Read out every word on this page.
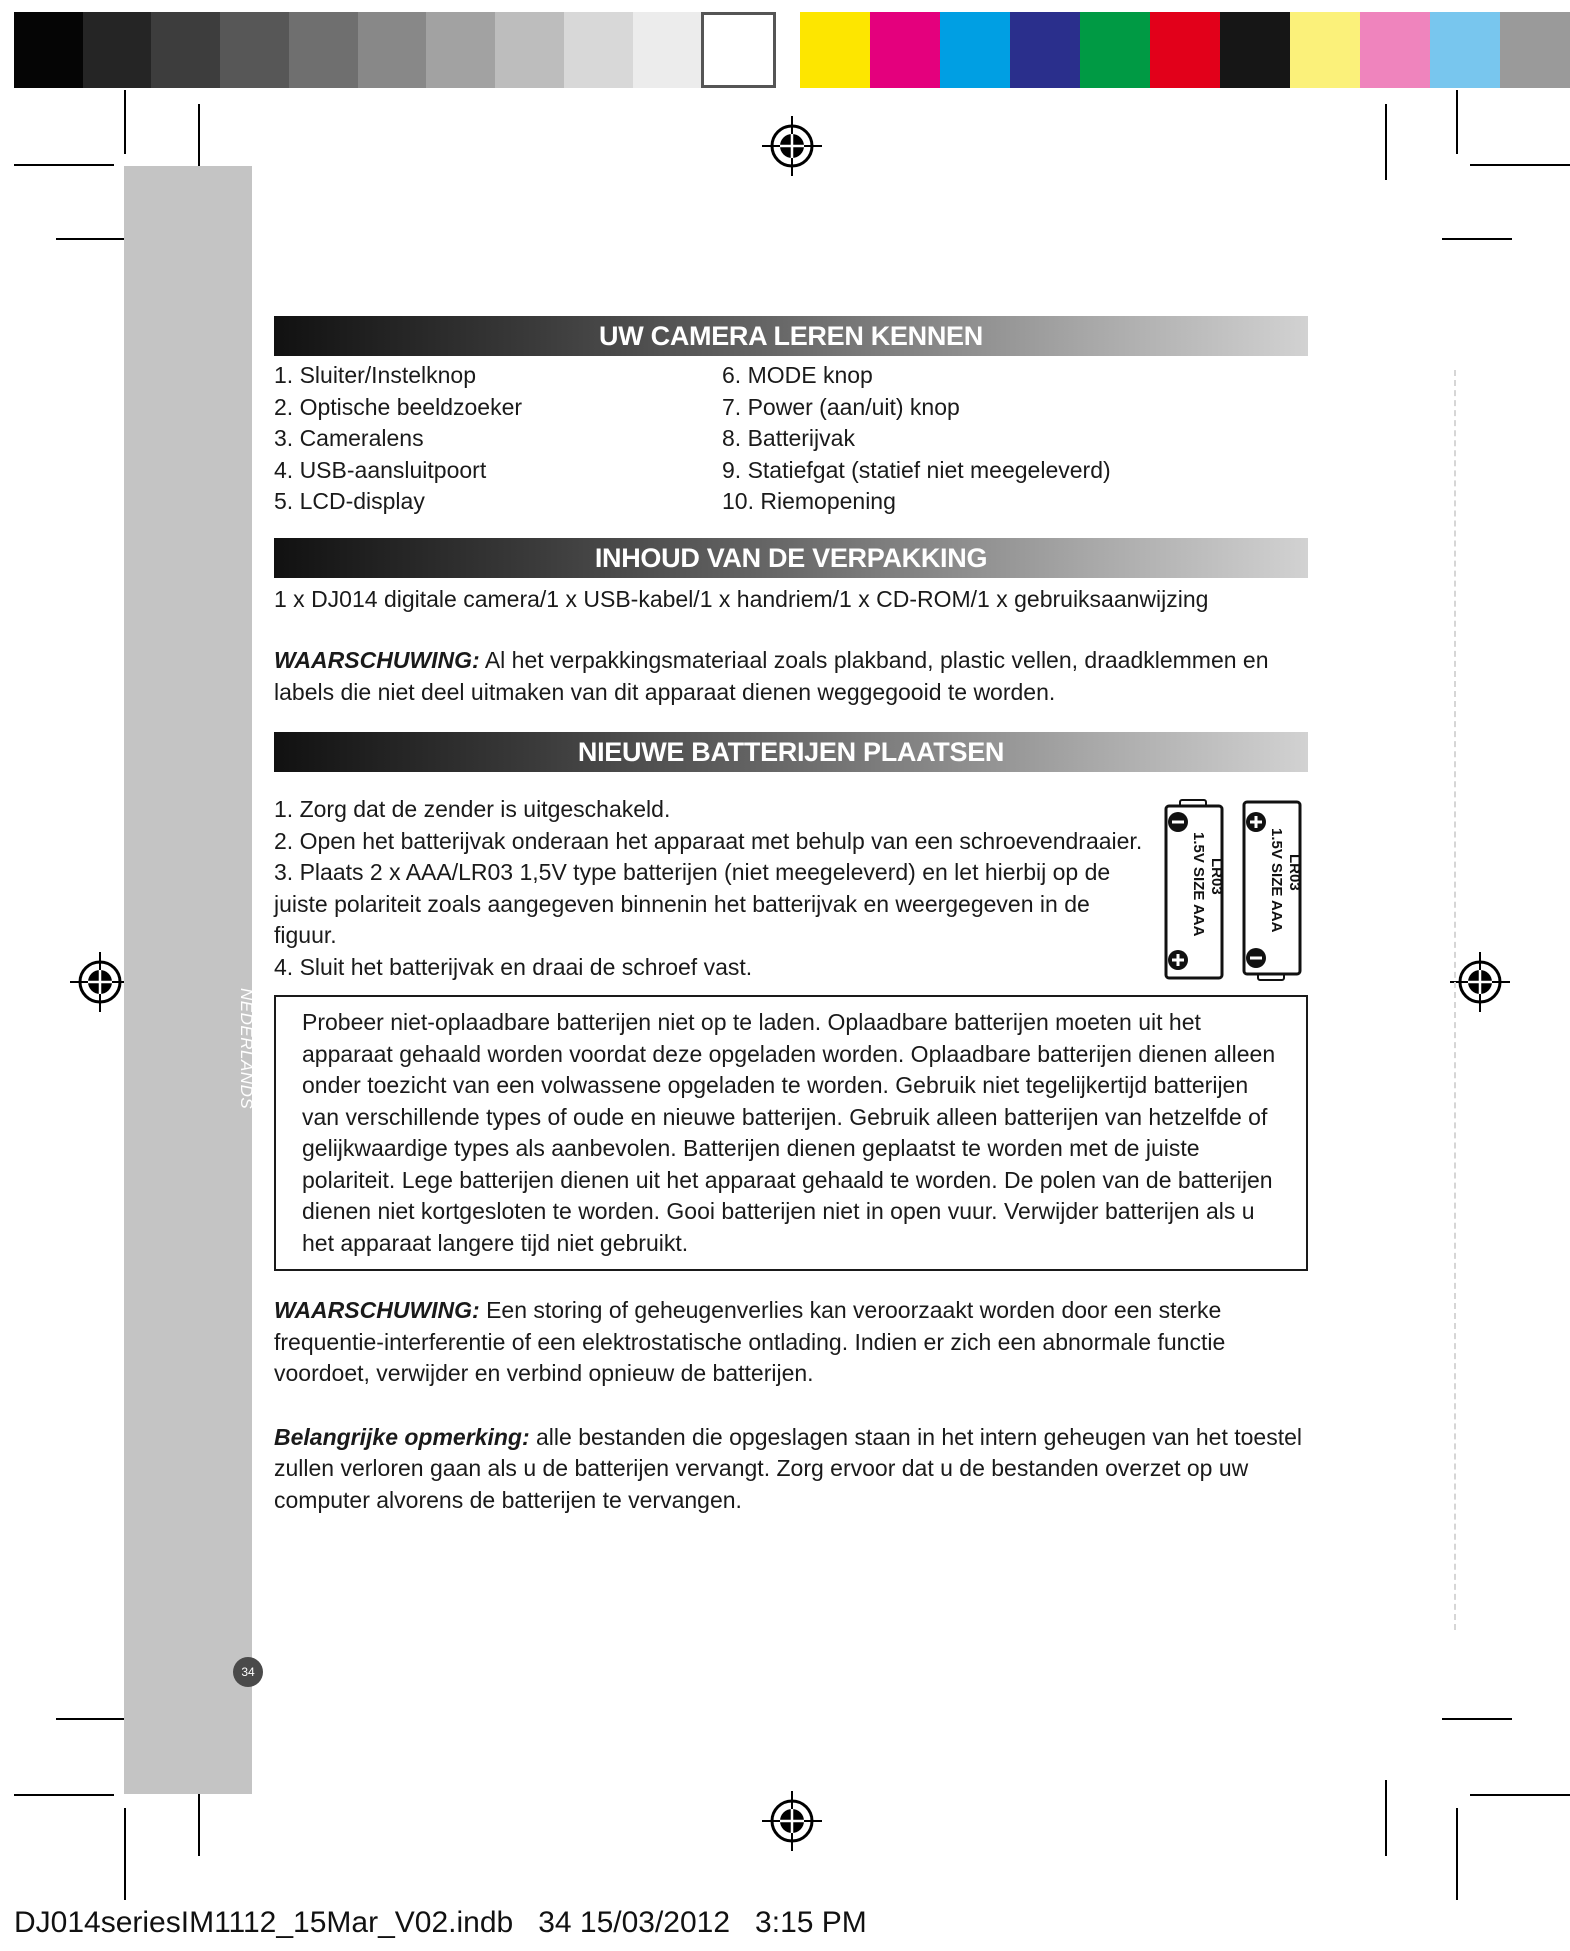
NEDERLANDS
34
UW CAMERA LEREN KENNEN
1. Sluiter/Instelknop
2. Optische beeldzoeker
3. Cameralens
4. USB-aansluitpoort
5. LCD-display
6. MODE knop
7. Power (aan/uit) knop
8. Batterijvak
9. Statiefgat (statief niet meegeleverd)
10. Riemopening
INHOUD VAN DE VERPAKKING

1 x DJ014 digitale camera/1 x USB-kabel/1 x handriem/1 x CD-ROM/1 x gebruiksaanwijzing

WAARSCHUWING: Al het verpakkingsmateriaal zoals plakband, plastic vellen, draadklemmen en labels die niet deel uitmaken van dit apparaat dienen weggegooid te worden.

NIEUWE BATTERIJEN PLAATSEN
1. Zorg dat de zender is uitgeschakeld.
2. Open het batterijvak onderaan het apparaat met behulp van een schroevendraaier.
3. Plaats 2 x AAA/LR03 1,5V type batterijen (niet meegeleverd) en let hierbij op de juiste polariteit zoals aangegeven binnenin het batterijvak en weergegeven in de figuur.
4. Sluit het batterijvak en draai de schroef vast.
1.5V SIZE AAA LR03	1.5V SIZE AAA LR03

Probeer niet-oplaadbare batterijen niet op te laden. Oplaadbare batterijen moeten uit het apparaat gehaald worden voordat deze opgeladen worden. Oplaadbare batterijen dienen alleen onder toezicht van een volwassene opgeladen te worden. Gebruik niet tegelijkertijd batterijen van verschillende types of oude en nieuwe batterijen. Gebruik alleen batterijen van hetzelfde of gelijkwaardige types als aanbevolen. Batterijen dienen geplaatst te worden met de juiste polariteit. Lege batterijen dienen uit het apparaat gehaald te worden. De polen van de batterijen dienen niet kortgesloten te worden. Gooi batterijen niet in open vuur. Verwijder batterijen als u het apparaat langere tijd niet gebruikt.

WAARSCHUWING: Een storing of geheugenverlies kan veroorzaakt worden door een sterke frequentie-interferentie of een elektrostatische ontlading. Indien er zich een abnormale functie voordoet, verwijder en verbind opnieuw de batterijen.

Belangrijke opmerking: alle bestanden die opgeslagen staan in het intern geheugen van het toestel zullen verloren gaan als u de batterijen vervangt. Zorg ervoor dat u de bestanden overzet op uw computer alvorens de batterijen te vervangen.

DJ014seriesIM1112_15Mar_V02.indb   34 15/03/2012   3:15 PM
